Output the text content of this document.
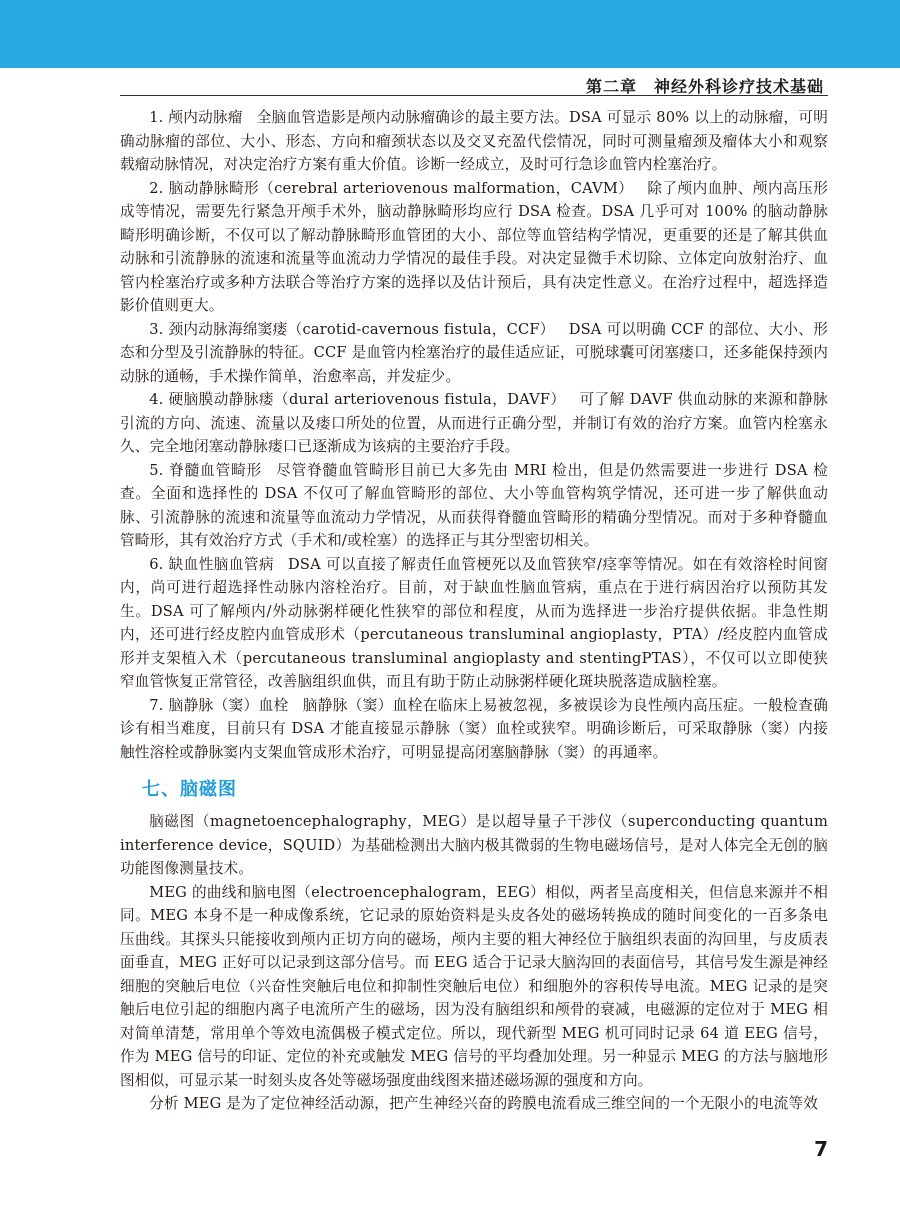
第二章　神经外科诊疗技术基础

1. 颅内动脉瘤 全脑血管造影是颅内动脉瘤确诊的最主要方法。DSA 可显示 80% 以上的动脉瘤，可明确动脉瘤的部位、大小、形态、方向和瘤颈状态以及交叉充盈代偿情况，同时可测量瘤颈及瘤体大小和观察载瘤动脉情况，对决定治疗方案有重大价值。诊断一经成立，及时可行急诊血管内栓塞治疗。

2. 脑动静脉畸形（cerebral arteriovenous malformation，CAVM） 除了颅内血肿、颅内高压形成等情况，需要先行紧急开颅手术外，脑动静脉畸形均应行 DSA 检查。DSA 几乎可对 100% 的脑动静脉畸形明确诊断，不仅可以了解动静脉畸形血管团的大小、部位等血管结构学情况，更重要的还是了解其供血动脉和引流静脉的流速和流量等血流动力学情况的最佳手段。对决定显微手术切除、立体定向放射治疗、血管内栓塞治疗或多种方法联合等治疗方案的选择以及估计预后，具有决定性意义。在治疗过程中，超选择造影价值则更大。

3. 颈内动脉海绵窦瘘（carotid-cavernous fistula，CCF） DSA 可以明确 CCF 的部位、大小、形态和分型及引流静脉的特征。CCF 是血管内栓塞治疗的最佳适应证，可脱球囊可闭塞瘘口，还多能保持颈内动脉的通畅，手术操作简单，治愈率高，并发症少。

4. 硬脑膜动静脉瘘（dural arteriovenous fistula，DAVF） 可了解 DAVF 供血动脉的来源和静脉引流的方向、流速、流量以及瘘口所处的位置，从而进行正确分型，并制订有效的治疗方案。血管内栓塞永久、完全地闭塞动静脉瘘口已逐渐成为该病的主要治疗手段。

5. 脊髓血管畸形 尽管脊髓血管畸形目前已大多先由 MRI 检出，但是仍然需要进一步进行 DSA 检查。全面和选择性的 DSA 不仅可了解血管畸形的部位、大小等血管构筑学情况，还可进一步了解供血动脉、引流静脉的流速和流量等血流动力学情况，从而获得脊髓血管畸形的精确分型情况。而对于多种脊髓血管畸形，其有效治疗方式（手术和/或栓塞）的选择正与其分型密切相关。

6. 缺血性脑血管病 DSA 可以直接了解责任血管梗死以及血管狭窄/痉挛等情况。如在有效溶栓时间窗内，尚可进行超选择性动脉内溶栓治疗。目前，对于缺血性脑血管病，重点在于进行病因治疗以预防其发生。DSA 可了解颅内/外动脉粥样硬化性狭窄的部位和程度，从而为选择进一步治疗提供依据。非急性期内，还可进行经皮腔内血管成形术（percutaneous transluminal angioplasty，PTA）/经皮腔内血管成形并支架植入术（percutaneous transluminal angioplasty and stentingPTAS），不仅可以立即使狭窄血管恢复正常管径，改善脑组织血供，而且有助于防止动脉粥样硬化斑块脱落造成脑栓塞。

7. 脑静脉（窦）血栓 脑静脉（窦）血栓在临床上易被忽视，多被误诊为良性颅内高压症。一般检查确诊有相当难度，目前只有 DSA 才能直接显示静脉（窦）血栓或狭窄。明确诊断后，可采取静脉（窦）内接触性溶栓或静脉窦内支架血管成形术治疗，可明显提高闭塞脑静脉（窦）的再通率。

七、脑磁图

脑磁图（magnetoencephalography，MEG）是以超导量子干涉仪（superconducting quantum interference device，SQUID）为基础检测出大脑内极其微弱的生物电磁场信号，是对人体完全无创的脑功能图像测量技术。

MEG 的曲线和脑电图（electroencephalogram，EEG）相似，两者呈高度相关，但信息来源并不相同。MEG 本身不是一种成像系统，它记录的原始资料是头皮各处的磁场转换成的随时间变化的一百多条电压曲线。其探头只能接收到颅内正切方向的磁场，颅内主要的粗大神经位于脑组织表面的沟回里，与皮质表面垂直，MEG 正好可以记录到这部分信号。而 EEG 适合于记录大脑沟回的表面信号，其信号发生源是神经细胞的突触后电位（兴奋性突触后电位和抑制性突触后电位）和细胞外的容积传导电流。MEG 记录的是突触后电位引起的细胞内离子电流所产生的磁场，因为没有脑组织和颅骨的衰减，电磁源的定位对于 MEG 相对简单清楚，常用单个等效电流偶极子模式定位。所以，现代新型 MEG 机可同时记录 64 道 EEG 信号，作为 MEG 信号的印证、定位的补充或触发 MEG 信号的平均叠加处理。另一种显示 MEG 的方法与脑地形图相似，可显示某一时刻头皮各处等磁场强度曲线图来描述磁场源的强度和方向。

分析 MEG 是为了定位神经活动源，把产生神经兴奋的跨膜电流看成三维空间的一个无限小的电流等效

7
